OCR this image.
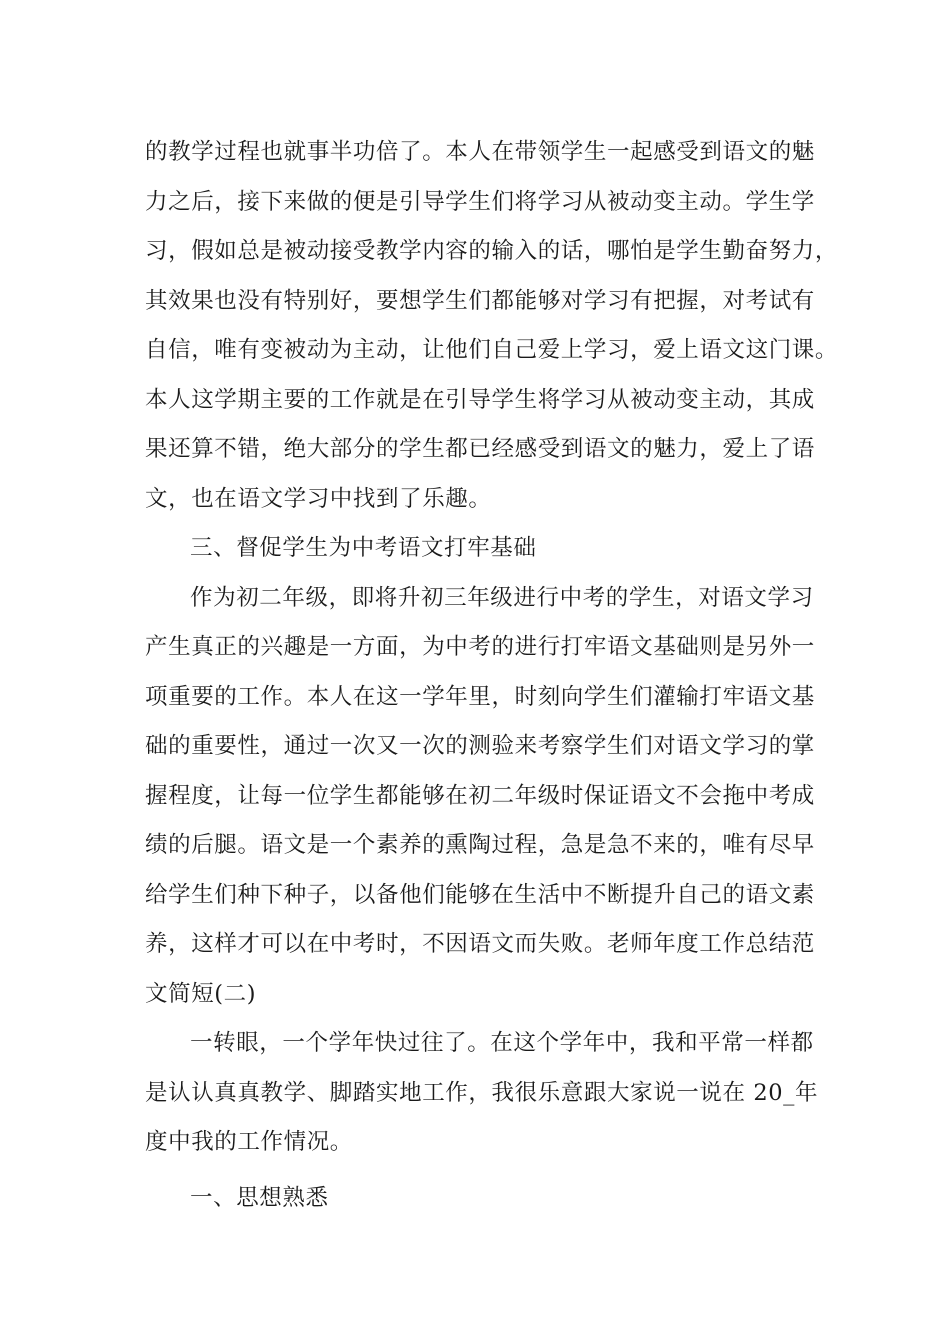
的教学过程也就事半功倍了。本人在带领学生一起感受到语文的魅
力之后，接下来做的便是引导学生们将学习从被动变主动。学生学
习，假如总是被动接受教学内容的输入的话，哪怕是学生勤奋努力，
其效果也没有特别好，要想学生们都能够对学习有把握，对考试有
自信，唯有变被动为主动，让他们自己爱上学习，爱上语文这门课。
本人这学期主要的工作就是在引导学生将学习从被动变主动，其成
果还算不错，绝大部分的学生都已经感受到语文的魅力，爱上了语
文，也在语文学习中找到了乐趣。
三、督促学生为中考语文打牢基础
作为初二年级，即将升初三年级进行中考的学生，对语文学习
产生真正的兴趣是一方面，为中考的进行打牢语文基础则是另外一
项重要的工作。本人在这一学年里，时刻向学生们灌输打牢语文基
础的重要性，通过一次又一次的测验来考察学生们对语文学习的掌
握程度，让每一位学生都能够在初二年级时保证语文不会拖中考成
绩的后腿。语文是一个素养的熏陶过程，急是急不来的，唯有尽早
给学生们种下种子，以备他们能够在生活中不断提升自己的语文素
养，这样才可以在中考时，不因语文而失败。老师年度工作总结范
文简短(二)
一转眼，一个学年快过往了。在这个学年中，我和平常一样都
是认认真真教学、脚踏实地工作，我很乐意跟大家说一说在 20_年
度中我的工作情况。
一、思想熟悉
